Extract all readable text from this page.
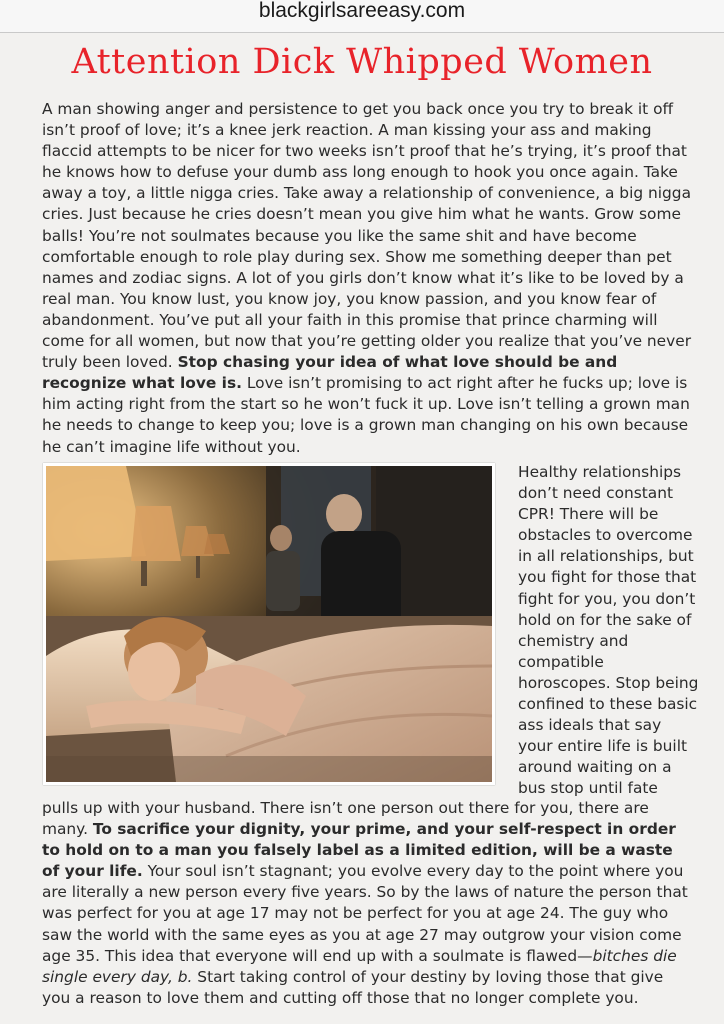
blackgirlsareeasy.com
Attention Dick Whipped Women

A man showing anger and persistence to get you back once you try to break it off isn’t proof of love; it’s a knee jerk reaction. A man kissing your ass and making flaccid attempts to be nicer for two weeks isn’t proof that he’s trying, it’s proof that he knows how to defuse your dumb ass long enough to hook you once again. Take away a toy, a little nigga cries. Take away a relationship of convenience, a big nigga cries. Just because he cries doesn’t mean you give him what he wants. Grow some balls! You’re not soulmates because you like the same shit and have become comfortable enough to role play during sex. Show me something deeper than pet names and zodiac signs. A lot of you girls don’t know what it’s like to be loved by a real man. You know lust, you know joy, you know passion, and you know fear of abandonment. You’ve put all your faith in this promise that prince charming will come for all women, but now that you’re getting older you realize that you’ve never truly been loved. Stop chasing your idea of what love should be and recognize what love is. Love isn’t promising to act right after he fucks up; love is him acting right from the start so he won’t fuck it up. Love isn’t telling a grown man he needs to change to keep you; love is a grown man changing on his own because he can’t imagine life without you.

Healthy relationships don’t need constant CPR! There will be obstacles to overcome in all relationships, but you fight for those that fight for you, you don’t hold on for the sake of chemistry and compatible horoscopes. Stop being confined to these basic ass ideals that say your entire life is built around waiting on a bus stop until fate

pulls up with your husband. There isn’t one person out there for you, there are many. To sacrifice your dignity, your prime, and your self-respect in order to hold on to a man you falsely label as a limited edition, will be a waste of your life. Your soul isn’t stagnant; you evolve every day to the point where you are literally a new person every five years. So by the laws of nature the person that was perfect for you at age 17 may not be perfect for you at age 24. The guy who saw the world with the same eyes as you at age 27 may outgrow your vision come age 35. This idea that everyone will end up with a soulmate is flawed—bitches die single every day, b. Start taking control of your destiny by loving those that give you a reason to love them and cutting off those that no longer complete you.
